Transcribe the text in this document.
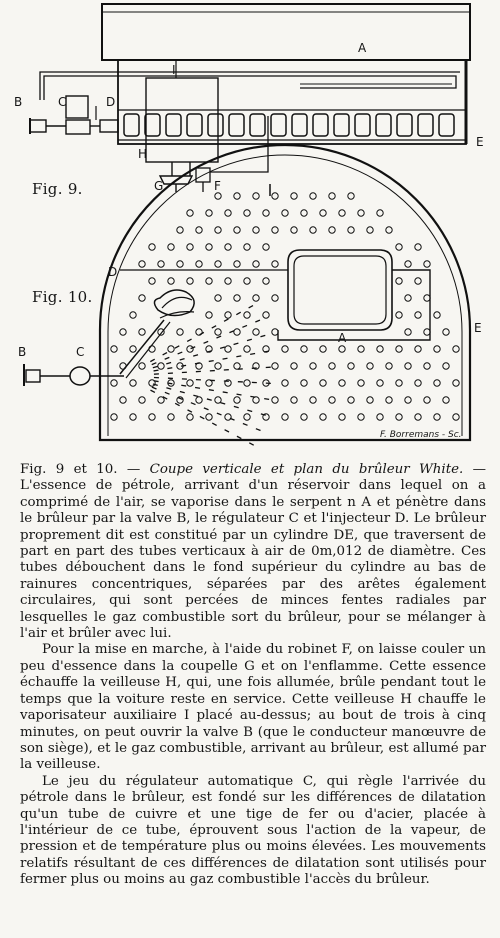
Fig. 9.
Fig. 10.
A
B	C	D
E
F
G
H
I
A
B	C
D
E
F. Borremans - Sc.

Fig. 9 et 10. — Coupe verticale et plan du brûleur White. — L'essence de pétrole, arrivant d'un réservoir dans lequel on a comprimé de l'air, se vaporise dans le serpent n A et pénètre dans le brûleur par la valve B, le régulateur C et l'injecteur D. Le brûleur proprement dit est constitué par un cylindre DE, que traversent de part en part des tubes verticaux à air de 0m,012 de diamètre. Ces tubes débouchent dans le fond supérieur du cylindre au bas de rainures concentriques, séparées par des arêtes également circulaires, qui sont percées de minces fentes radiales par lesquelles le gaz combustible sort du brûleur, pour se mélanger à l'air et brûler avec lui.

Pour la mise en marche, à l'aide du robinet F, on laisse couler un peu d'essence dans la coupelle G et on l'enflamme. Cette essence échauffe la veilleuse H, qui, une fois allumée, brûle pendant tout le temps que la voiture reste en service. Cette veilleuse H chauffe le vaporisateur auxiliaire I placé au-dessus; au bout de trois à cinq minutes, on peut ouvrir la valve B (que le conducteur manœuvre de son siège), et le gaz combustible, arrivant au brûleur, est allumé par la veilleuse.

Le jeu du régulateur automatique C, qui règle l'arrivée du pétrole dans le brûleur, est fondé sur les différences de dilatation qu'un tube de cuivre et une tige de fer ou d'acier, placée à l'intérieur de ce tube, éprouvent sous l'action de la vapeur, de pression et de température plus ou moins élevées. Les mouvements relatifs résultant de ces différences de dilatation sont utilisés pour fermer plus ou moins au gaz combustible l'accès du brûleur.
